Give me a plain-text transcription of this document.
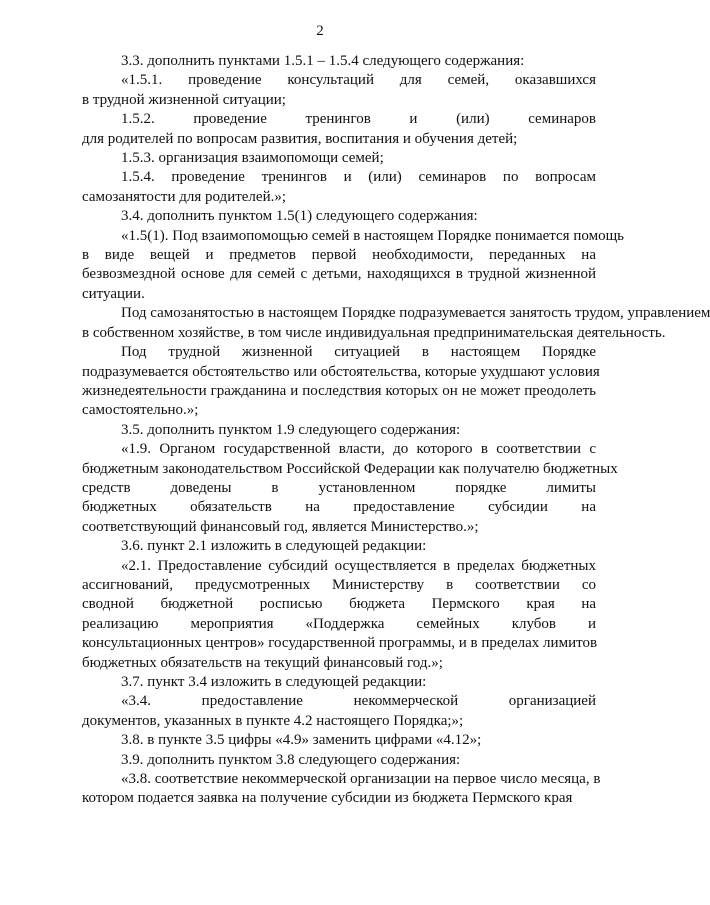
2

3.3. дополнить пунктами 1.5.1 – 1.5.4 следующего содержания:

«1.5.1. проведение консультаций для семей, оказавшихся
в трудной жизненной ситуации;

1.5.2. проведение тренингов и (или) семинаров
для родителей по вопросам развития, воспитания и обучения детей;

1.5.3. организация взаимопомощи семей;

1.5.4. проведение тренингов и (или) семинаров по вопросам
самозанятости для родителей.»;

3.4. дополнить пунктом 1.5(1) следующего содержания:

«1.5(1). Под взаимопомощью семей в настоящем Порядке понимается помощь
в виде вещей и предметов первой необходимости, переданных на
безвозмездной основе для семей с детьми, находящихся в трудной жизненной
ситуации.

Под самозанятостью в настоящем Порядке подразумевается занятость трудом, управлением
в собственном хозяйстве, в том числе индивидуальная предпринимательская деятельность.

Под трудной жизненной ситуацией в настоящем Порядке
подразумевается обстоятельство или обстоятельства, которые ухудшают условия
жизнедеятельности гражданина и последствия которых он не может преодолеть
самостоятельно.»;

3.5. дополнить пунктом 1.9 следующего содержания:

«1.9. Органом государственной власти, до которого в соответствии с
бюджетным законодательством Российской Федерации как получателю бюджетных
средств доведены в установленном порядке лимиты
бюджетных обязательств на предоставление субсидии на
соответствующий финансовый год, является Министерство.»;

3.6. пункт 2.1 изложить в следующей редакции:

«2.1. Предоставление субсидий осуществляется в пределах бюджетных
ассигнований, предусмотренных Министерству в соответствии со
сводной бюджетной росписью бюджета Пермского края на
реализацию мероприятия «Поддержка семейных клубов и
консультационных центров» государственной программы, и в пределах лимитов
бюджетных обязательств на текущий финансовый год.»;

3.7. пункт 3.4 изложить в следующей редакции:

«3.4. предоставление некоммерческой организацией
документов, указанных в пункте 4.2 настоящего Порядка;»;

3.8. в пункте 3.5 цифры «4.9» заменить цифрами «4.12»;

3.9. дополнить пунктом 3.8 следующего содержания:

«3.8. соответствие некоммерческой организации на первое число месяца, в
котором подается заявка на получение субсидии из бюджета Пермского края
